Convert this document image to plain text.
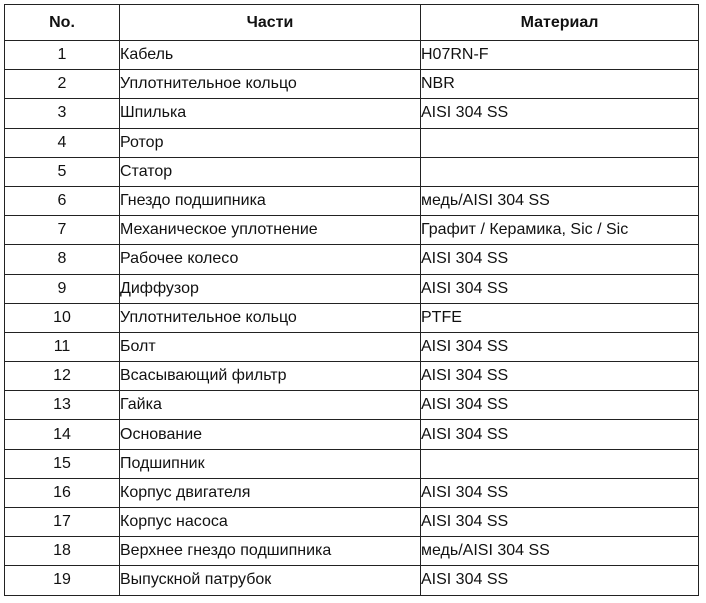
No.	Части	Материал
1	Кабель	H07RN-F
2	Уплотнительное кольцо	NBR
3	Шпилька	AISI 304 SS
4	Ротор	
5	Статор	
6	Гнездо подшипника	медь/AISI 304 SS
7	Механическое уплотнение	Графит / Керамика, Sic / Sic
8	Рабочее колесо	AISI 304 SS
9	Диффузор	AISI 304 SS
10	Уплотнительное кольцо	PTFE
11	Болт	AISI 304 SS
12	Всасывающий фильтр	AISI 304 SS
13	Гайка	AISI 304 SS
14	Основание	AISI 304 SS
15	Подшипник	
16	Корпус двигателя	AISI 304 SS
17	Корпус насоса	AISI 304 SS
18	Верхнее гнездо подшипника	медь/AISI 304 SS
19	Выпускной патрубок	AISI 304 SS
